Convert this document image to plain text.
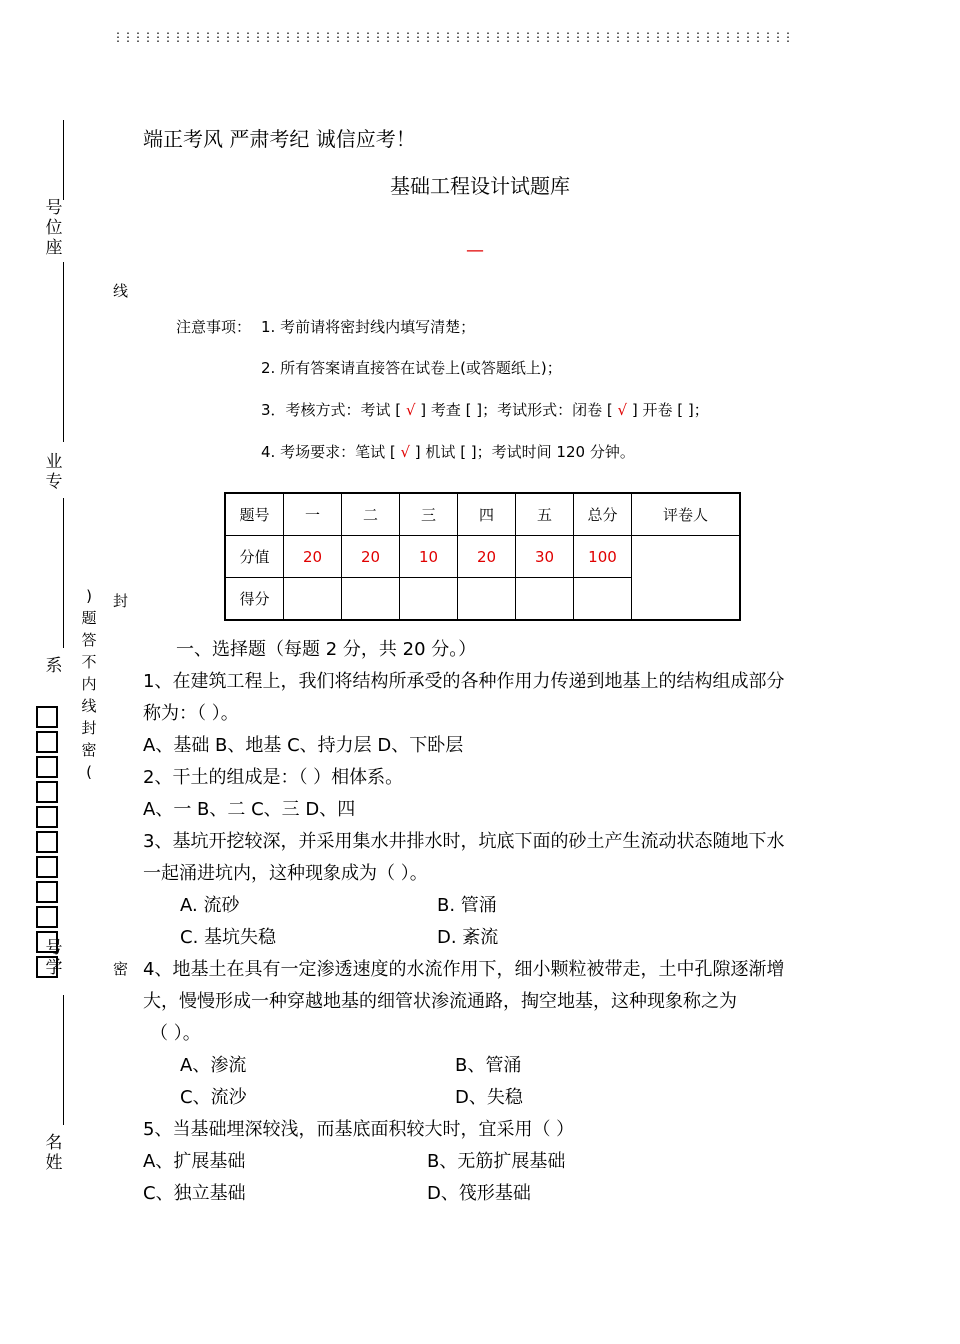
⋮⋮⋮⋮⋮⋮⋮⋮⋮⋮⋮⋮⋮⋮⋮⋮⋮⋮⋮⋮⋮⋮⋮⋮⋮⋮⋮⋮⋮⋮⋮⋮⋮⋮⋮⋮⋮⋮⋮⋮⋮⋮⋮⋮⋮⋮⋮⋮⋮⋮⋮⋮⋮⋮⋮⋮⋮⋮⋮⋮⋮⋮⋮⋮⋮⋮⋮⋮
线
封
密
号位座
业专
系
号学
名姓
)题答不内线封密(
端正考风 严肃考纪 诚信应考！
基础工程设计试题库
—
注意事项： 1. 考前请将密封线内填写清楚；
2. 所有答案请直接答在试卷上(或答题纸上)；
3．考核方式：考试 [ √ ] 考查 [ ]；考试形式：闭卷 [ √ ] 开卷 [ ]；
4. 考场要求：笔试 [ √ ] 机试 [ ]；考试时间 120 分钟。
题号	一	二	三	四	五	总分	评卷人
分值	20	20	10	20	30	100	
得分							
一、选择题（每题 2 分，共 20 分。）
1、在建筑工程上，我们将结构所承受的各种作用力传递到地基上的结构组成部分
称为：（ ）。
A、基础 B、地基 C、持力层 D、下卧层
2、干土的组成是：（ ）相体系。
A、一 B、二 C、三 D、四
3、基坑开挖较深，并采用集水井排水时，坑底下面的砂土产生流动状态随地下水
一起涌进坑内，这种现象成为（ ）。
A. 流砂	B. 管涌
C. 基坑失稳	D. 紊流
4、地基土在具有一定渗透速度的水流作用下，细小颗粒被带走，土中孔隙逐渐增
大，慢慢形成一种穿越地基的细管状渗流通路，掏空地基，这种现象称之为
（ ）。
A、渗流	B、管涌
C、流沙	D、失稳
5、当基础埋深较浅，而基底面积较大时，宜采用（ ）
A、扩展基础	B、无筋扩展基础
C、独立基础	D、筏形基础
